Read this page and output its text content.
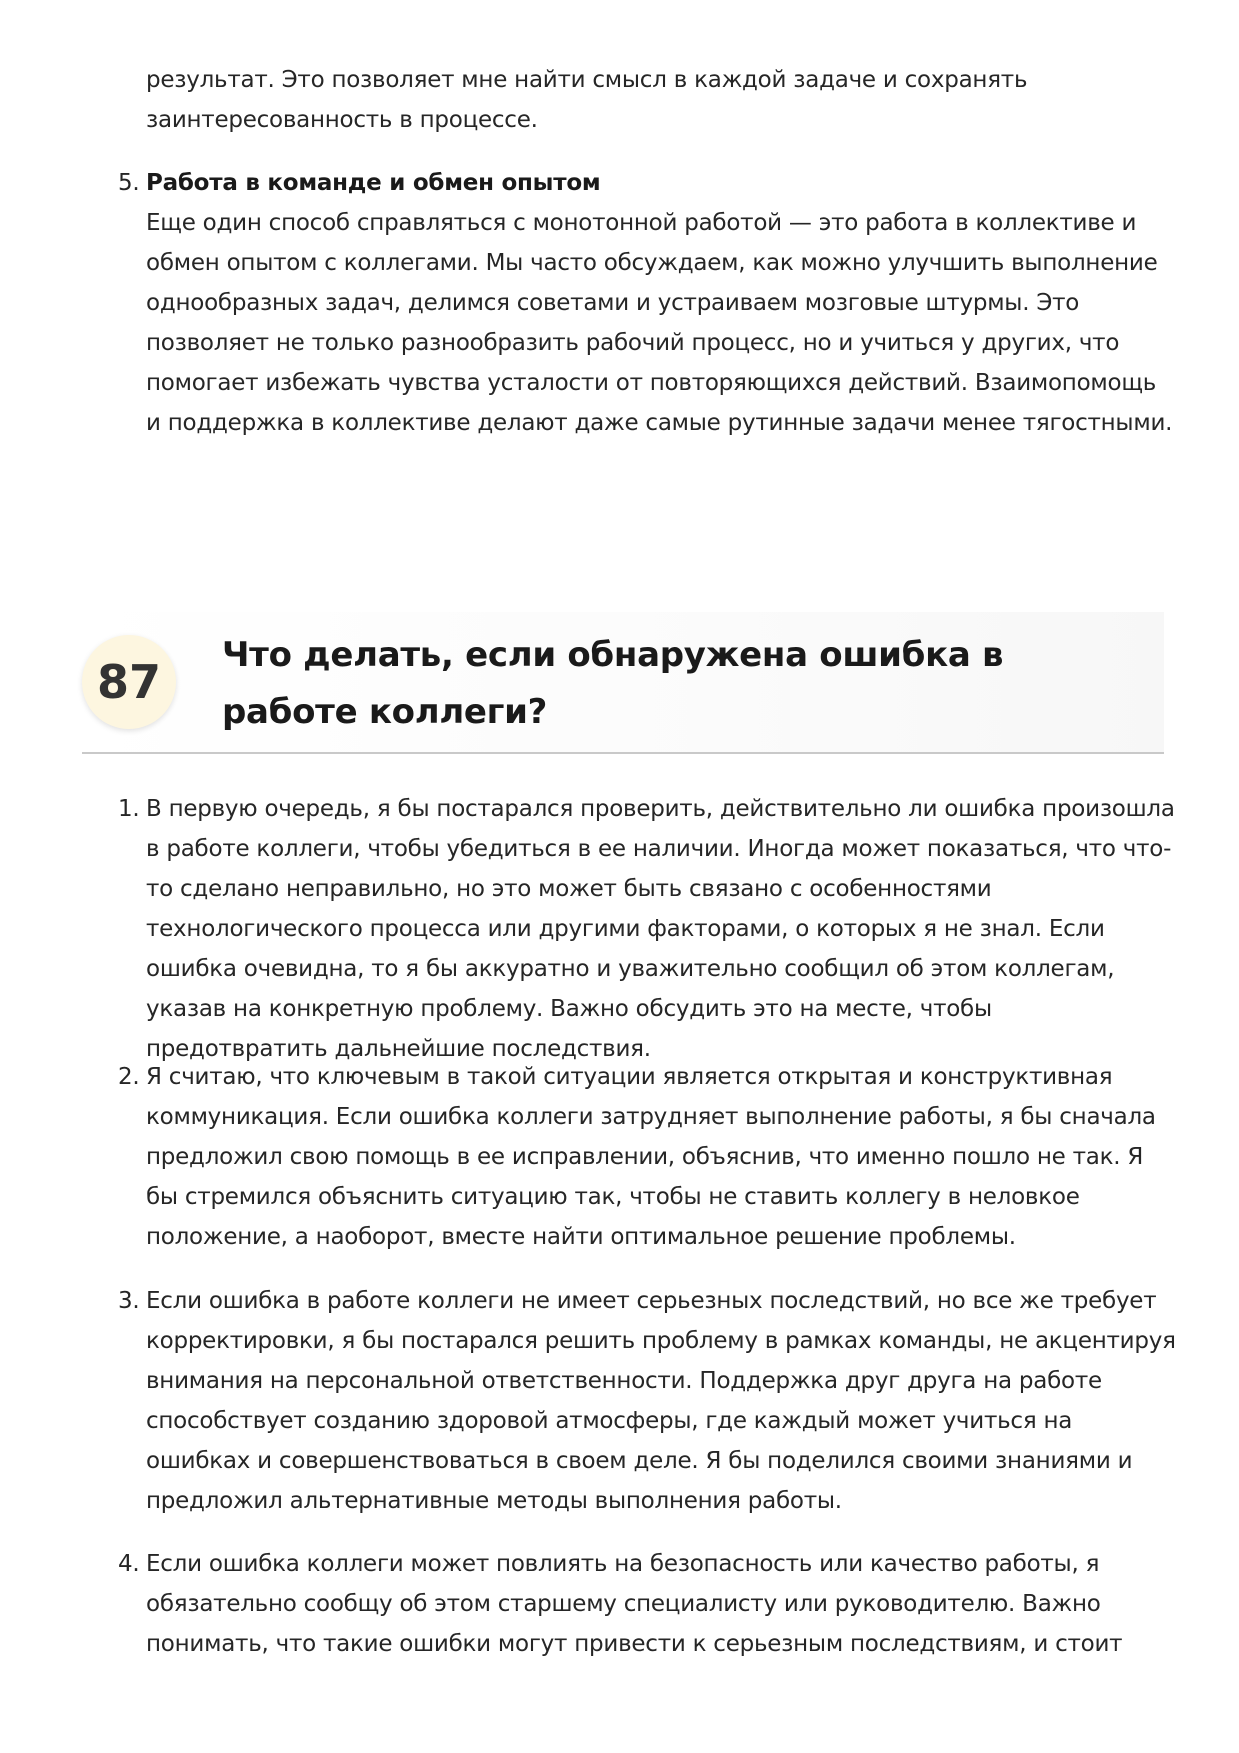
результат. Это позволяет мне найти смысл в каждой задаче и сохранять заинтересованность в процессе.

5. Работа в команде и обмен опытом
Еще один способ справляться с монотонной работой — это работа в коллективе и обмен опытом с коллегами. Мы часто обсуждаем, как можно улучшить выполнение однообразных задач, делимся советами и устраиваем мозговые штурмы. Это позволяет не только разнообразить рабочий процесс, но и учиться у других, что помогает избежать чувства усталости от повторяющихся действий. Взаимопомощь и поддержка в коллективе делают даже самые рутинные задачи менее тягостными.
87	Что делать, если обнаружена ошибка в работе коллеги?
1. В первую очередь, я бы постарался проверить, действительно ли ошибка произошла в работе коллеги, чтобы убедиться в ее наличии. Иногда может показаться, что что-то сделано неправильно, но это может быть связано с особенностями технологического процесса или другими факторами, о которых я не знал. Если ошибка очевидна, то я бы аккуратно и уважительно сообщил об этом коллегам, указав на конкретную проблему. Важно обсудить это на месте, чтобы предотвратить дальнейшие последствия.
2. Я считаю, что ключевым в такой ситуации является открытая и конструктивная коммуникация. Если ошибка коллеги затрудняет выполнение работы, я бы сначала предложил свою помощь в ее исправлении, объяснив, что именно пошло не так. Я бы стремился объяснить ситуацию так, чтобы не ставить коллегу в неловкое положение, а наоборот, вместе найти оптимальное решение проблемы.
3. Если ошибка в работе коллеги не имеет серьезных последствий, но все же требует корректировки, я бы постарался решить проблему в рамках команды, не акцентируя внимания на персональной ответственности. Поддержка друг друга на работе способствует созданию здоровой атмосферы, где каждый может учиться на ошибках и совершенствоваться в своем деле. Я бы поделился своими знаниями и предложил альтернативные методы выполнения работы.
4. Если ошибка коллеги может повлиять на безопасность или качество работы, я обязательно сообщу об этом старшему специалисту или руководителю. Важно понимать, что такие ошибки могут привести к серьезным последствиям, и стоит
